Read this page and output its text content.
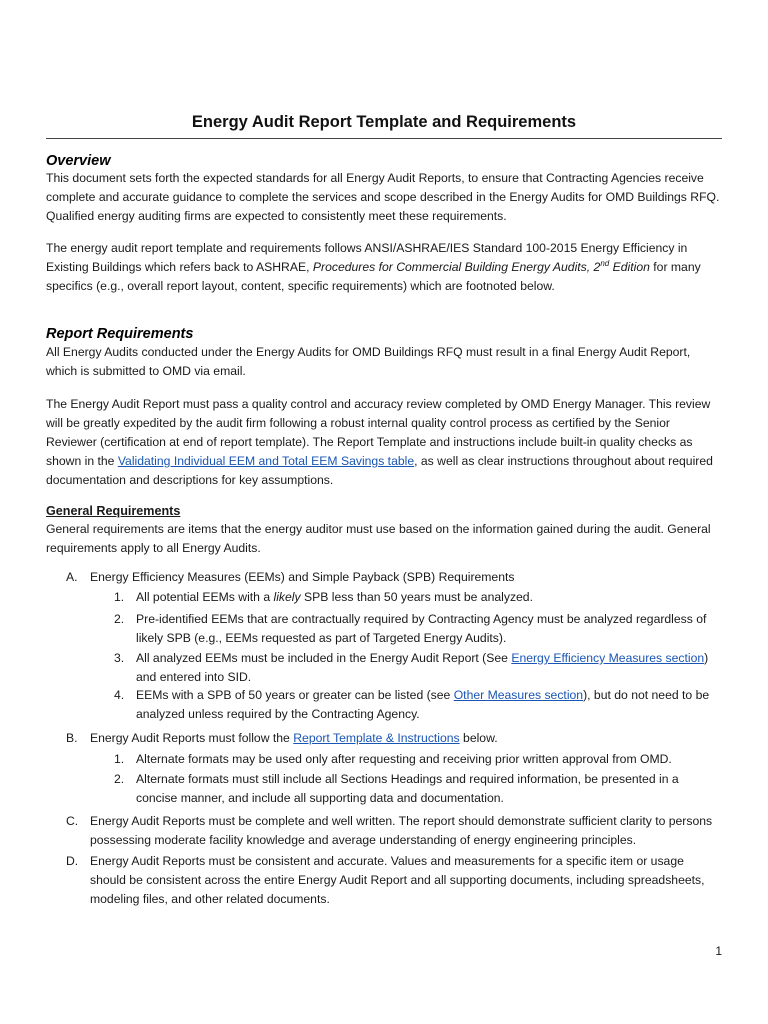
Energy Audit Report Template and Requirements
Overview
This document sets forth the expected standards for all Energy Audit Reports, to ensure that Contracting Agencies receive complete and accurate guidance to complete the services and scope described in the Energy Audits for OMD Buildings RFQ. Qualified energy auditing firms are expected to consistently meet these requirements.
The energy audit report template and requirements follows ANSI/ASHRAE/IES Standard 100-2015 Energy Efficiency in Existing Buildings which refers back to ASHRAE, Procedures for Commercial Building Energy Audits, 2nd Edition for many specifics (e.g., overall report layout, content, specific requirements) which are footnoted below.
Report Requirements
All Energy Audits conducted under the Energy Audits for OMD Buildings RFQ must result in a final Energy Audit Report, which is submitted to OMD via email.
The Energy Audit Report must pass a quality control and accuracy review completed by OMD Energy Manager. This review will be greatly expedited by the audit firm following a robust internal quality control process as certified by the Senior Reviewer (certification at end of report template). The Report Template and instructions include built-in quality checks as shown in the Validating Individual EEM and Total EEM Savings table, as well as clear instructions throughout about required documentation and descriptions for key assumptions.
General Requirements
General requirements are items that the energy auditor must use based on the information gained during the audit. General requirements apply to all Energy Audits.
A.	Energy Efficiency Measures (EEMs) and Simple Payback (SPB) Requirements
1. All potential EEMs with a likely SPB less than 50 years must be analyzed.
2. Pre-identified EEMs that are contractually required by Contracting Agency must be analyzed regardless of likely SPB (e.g., EEMs requested as part of Targeted Energy Audits).
3. All analyzed EEMs must be included in the Energy Audit Report (See Energy Efficiency Measures section) and entered into SID.
4. EEMs with a SPB of 50 years or greater can be listed (see Other Measures section), but do not need to be analyzed unless required by the Contracting Agency.
B.	Energy Audit Reports must follow the Report Template & Instructions below.
1. Alternate formats may be used only after requesting and receiving prior written approval from OMD.
2. Alternate formats must still include all Sections Headings and required information, be presented in a concise manner, and include all supporting data and documentation.
C. Energy Audit Reports must be complete and well written. The report should demonstrate sufficient clarity to persons possessing moderate facility knowledge and average understanding of energy engineering principles.
D. Energy Audit Reports must be consistent and accurate. Values and measurements for a specific item or usage should be consistent across the entire Energy Audit Report and all supporting documents, including spreadsheets, modeling files, and other related documents.
1
